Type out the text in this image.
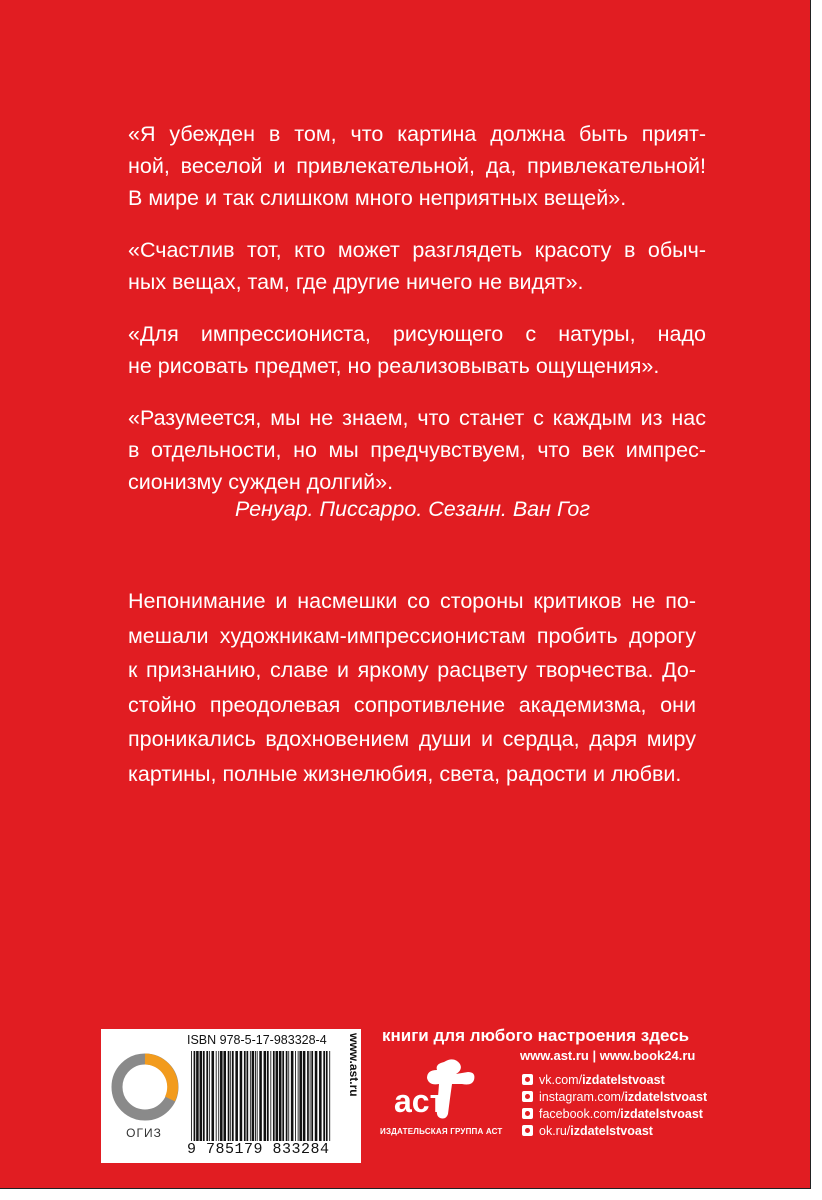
«Я убежден в том, что картина должна быть прият-
ной, веселой и привлекательной, да, привлекательной!
В мире и так слишком много неприятных вещей».

«Счастлив тот, кто может разглядеть красоту в обыч-
ных вещах, там, где другие ничего не видят».

«Для импрессиониста, рисующего с натуры, надо
не рисовать предмет, но реализовывать ощущения».

«Разумеется, мы не знаем, что станет с каждым из нас
в отдельности, но мы предчувствуем, что век импрес-
сионизму сужден долгий».

Ренуар. Писсарро. Сезанн. Ван Гог
Непонимание и насмешки со стороны критиков не по-
мешали художникам-импрессионистам пробить дорогу
к признанию, славе и яркому расцвету творчества. До-
стойно преодолевая сопротивление академизма, они
проникались вдохновением души и сердца, даря миру
картины, полные жизнелюбия, света, радости и любви.
ОГИЗ
ISBN 978-5-17-983328-4
9 785179 833284
www.ast.ru книги для любого настроения здесь
www.ast.ru | www.book24.ru
аст
ИЗДАТЕЛЬСКАЯ ГРУППА АСТ
vk.com/ izdatelstvoast
instagram.com/ izdatelstvoast
facebook.com/ izdatelstvoast
ok.ru/ izdatelstvoast
